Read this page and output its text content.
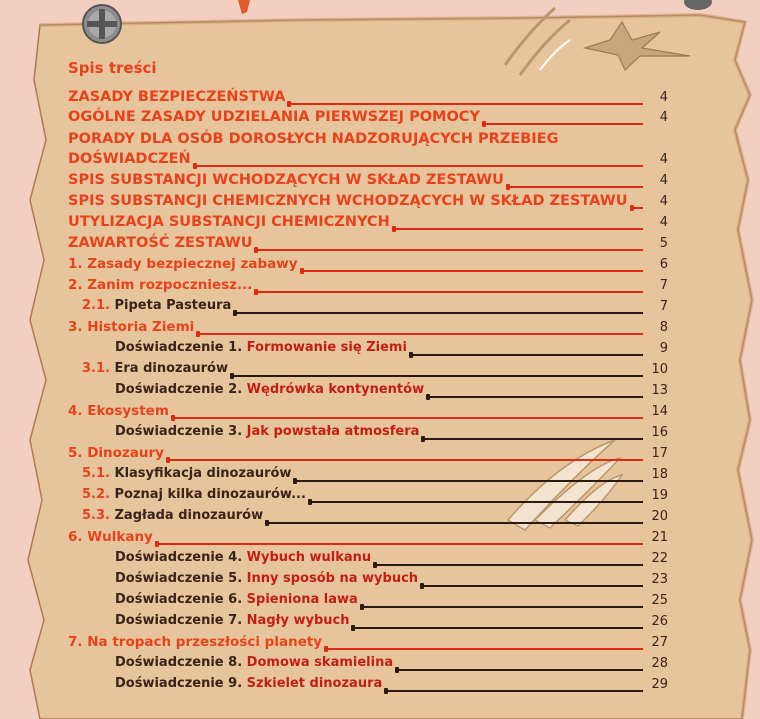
Spis treści
ZASADY BEZPIECZEŃSTWA	4
OGÓLNE ZASADY UDZIELANIA PIERWSZEJ POMOCY	4
PORADY DLA OSÓB DOROSŁYCH NADZORUJĄCYCH PRZEBIEG
DOŚWIADCZEŃ	4
SPIS SUBSTANCJI WCHODZĄCYCH W SKŁAD ZESTAWU	4
SPIS SUBSTANCJI CHEMICZNYCH WCHODZĄCYCH W SKŁAD ZESTAWU 4
UTYLIZACJA SUBSTANCJI CHEMICZNYCH	4
ZAWARTOŚĆ ZESTAWU	5
1. Zasady bezpiecznej zabawy	6
2. Zanim rozpoczniesz...	7
2.1. Pipeta Pasteura	7
3. Historia Ziemi	8
Doświadczenie 1. Formowanie się Ziemi	9
3.1. Era dinozaurów	10
Doświadczenie 2. Wędrówka kontynentów	13
4. Ekosystem	14
Doświadczenie 3. Jak powstała atmosfera	16
5. Dinozaury	17
5.1. Klasyfikacja dinozaurów	18
5.2. Poznaj kilka dinozaurów...	19
5.3. Zagłada dinozaurów	20
6. Wulkany	21
Doświadczenie 4. Wybuch wulkanu	22
Doświadczenie 5. Inny sposób na wybuch	23
Doświadczenie 6. Spieniona lawa	25
Doświadczenie 7. Nagły wybuch	26
7. Na tropach przeszłości planety	27
Doświadczenie 8. Domowa skamielina	28
Doświadczenie 9. Szkielet dinozaura	29
